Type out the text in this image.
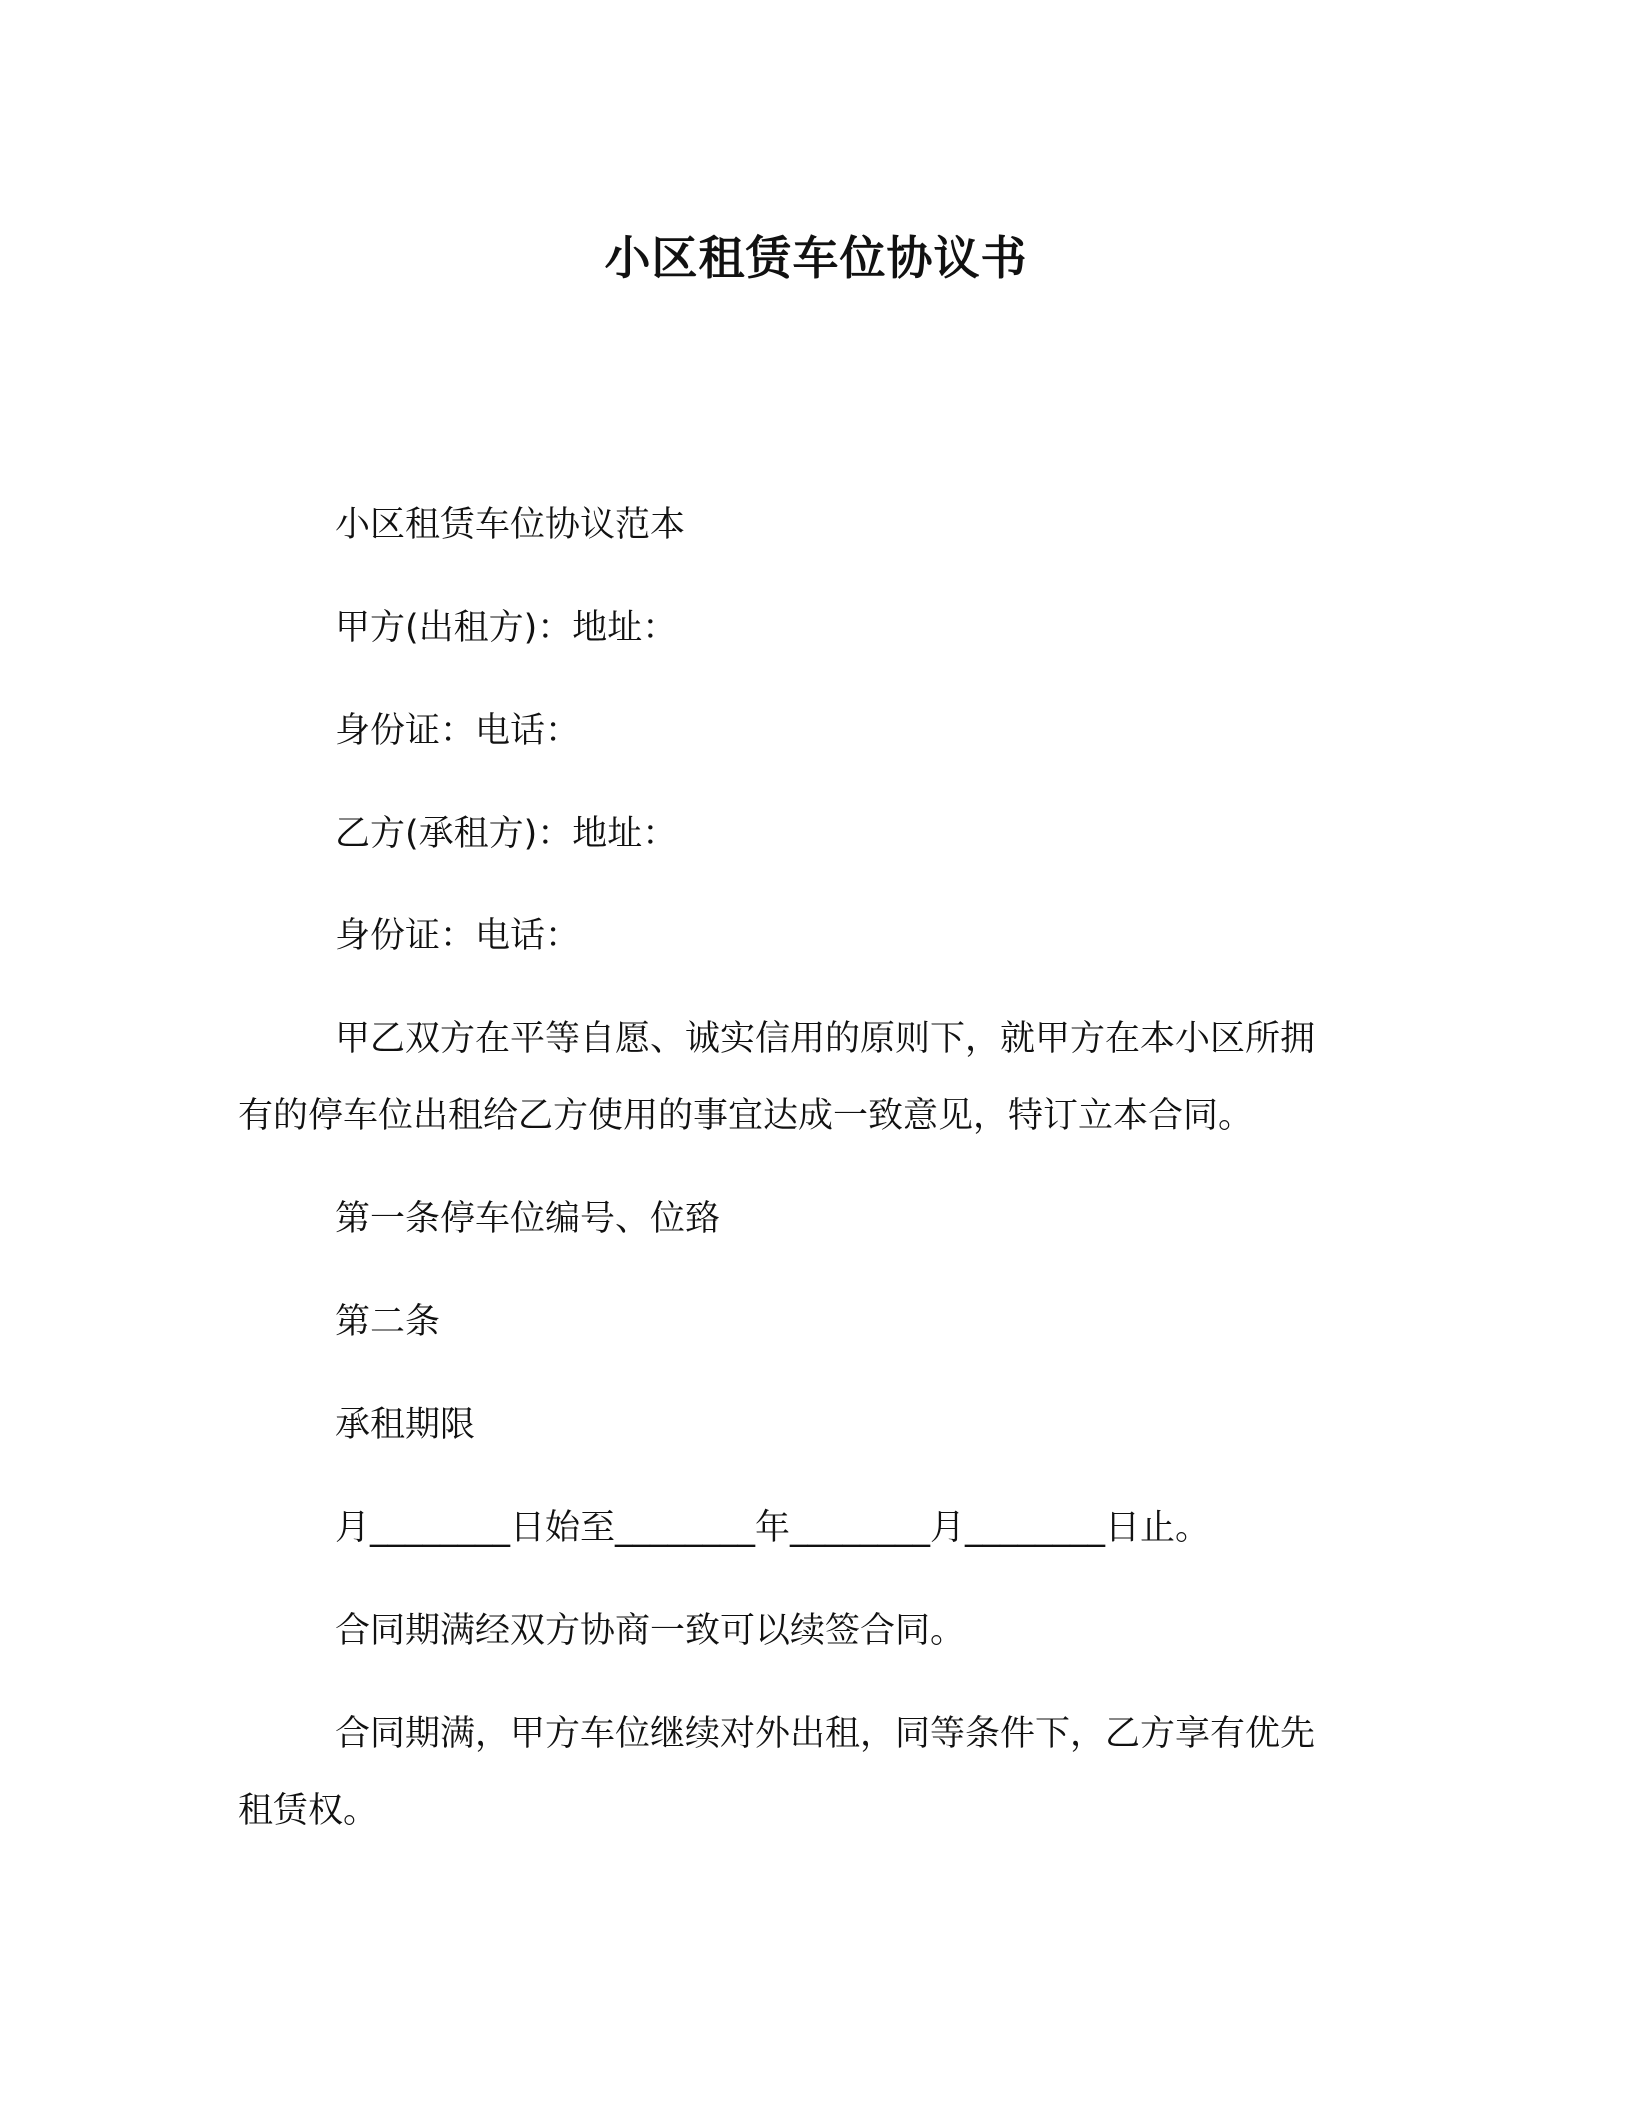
小区租赁车位协议书
小区租赁车位协议范本
甲方(出租方)：地址：
身份证：电话：
乙方(承租方)：地址：
身份证：电话：
甲乙双方在平等自愿、诚实信用的原则下，就甲方在本小区所拥
有的停车位出租给乙方使用的事宜达成一致意见，特订立本合同。
第一条停车位编号、位臵
第二条
承租期限
月________日始至________年________月________日止。
合同期满经双方协商一致可以续签合同。
合同期满，甲方车位继续对外出租，同等条件下，乙方享有优先
租赁权。
